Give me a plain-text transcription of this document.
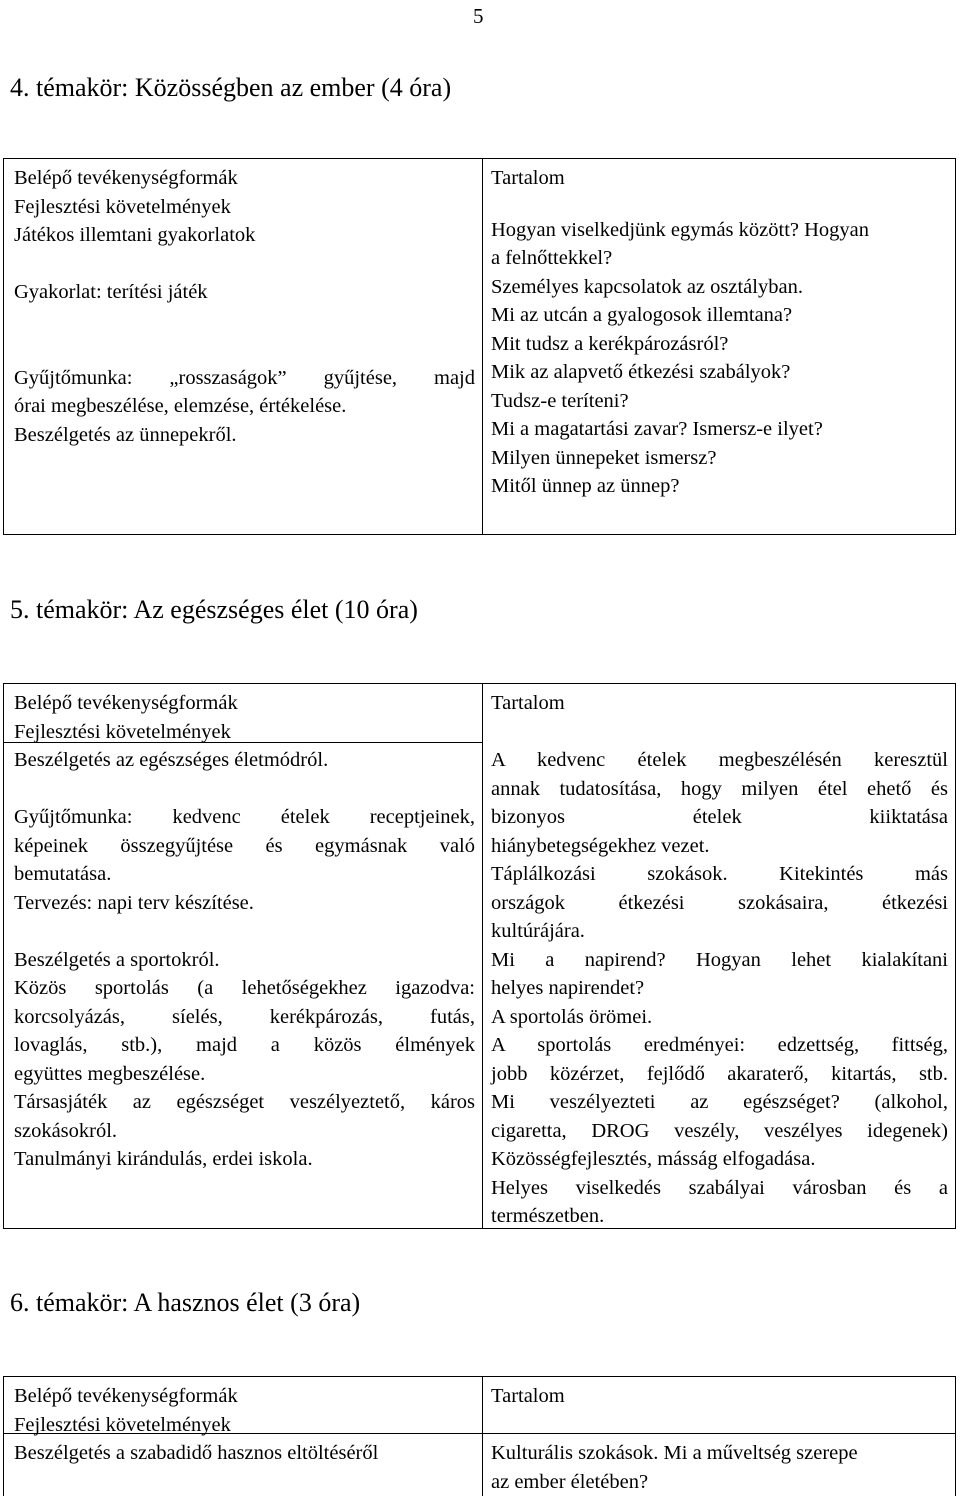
5
4. témakör: Közösségben az ember (4 óra)
Belépő tevékenységformák
Fejlesztési követelmények
Játékos illemtani gyakorlatok
Gyakorlat: terítési játék
Gyűjtőmunka: „rosszaságok” gyűjtése, majd
órai megbeszélése, elemzése, értékelése.
Beszélgetés az ünnepekről.
Tartalom
Hogyan viselkedjünk egymás között? Hogyan
a felnőttekkel?
Személyes kapcsolatok az osztályban.
Mi az utcán a gyalogosok illemtana?
Mit tudsz a kerékpározásról?
Mik az alapvető étkezési szabályok?
Tudsz-e teríteni?
Mi a magatartási zavar? Ismersz-e ilyet?
Milyen ünnepeket ismersz?
Mitől ünnep az ünnep?
5. témakör: Az egészséges élet (10 óra)
Belépő tevékenységformák
Fejlesztési követelmények
Beszélgetés az egészséges életmódról.
Gyűjtőmunka: kedvenc ételek receptjeinek,
képeinek összegyűjtése és egymásnak való
bemutatása.
Tervezés: napi terv készítése.
Beszélgetés a sportokról.
Közös sportolás (a lehetőségekhez igazodva:
korcsolyázás, síelés, kerékpározás, futás,
lovaglás, stb.), majd a közös élmények
együttes megbeszélése.
Társasjáték az egészséget veszélyeztető, káros
szokásokról.
Tanulmányi kirándulás, erdei iskola.
Tartalom
A kedvenc ételek megbeszélésén keresztül
annak tudatosítása, hogy milyen étel ehető és
bizonyos ételek kiiktatása
hiánybetegségekhez vezet.
Táplálkozási szokások. Kitekintés más
országok étkezési szokásaira, étkezési
kultúrájára.
Mi a napirend? Hogyan lehet kialakítani
helyes napirendet?
A sportolás örömei.
A sportolás eredményei: edzettség, fittség,
jobb közérzet, fejlődő akaraterő, kitartás, stb.
Mi veszélyezteti az egészséget? (alkohol,
cigaretta, DROG veszély, veszélyes idegenek)
Közösségfejlesztés, másság elfogadása.
Helyes viselkedés szabályai városban és a
természetben.
6. témakör: A hasznos élet (3 óra)
Belépő tevékenységformák
Fejlesztési követelmények
Beszélgetés a szabadidő hasznos eltöltéséről
Tartalom
Kulturális szokások. Mi a műveltség szerepe
az ember életében?
